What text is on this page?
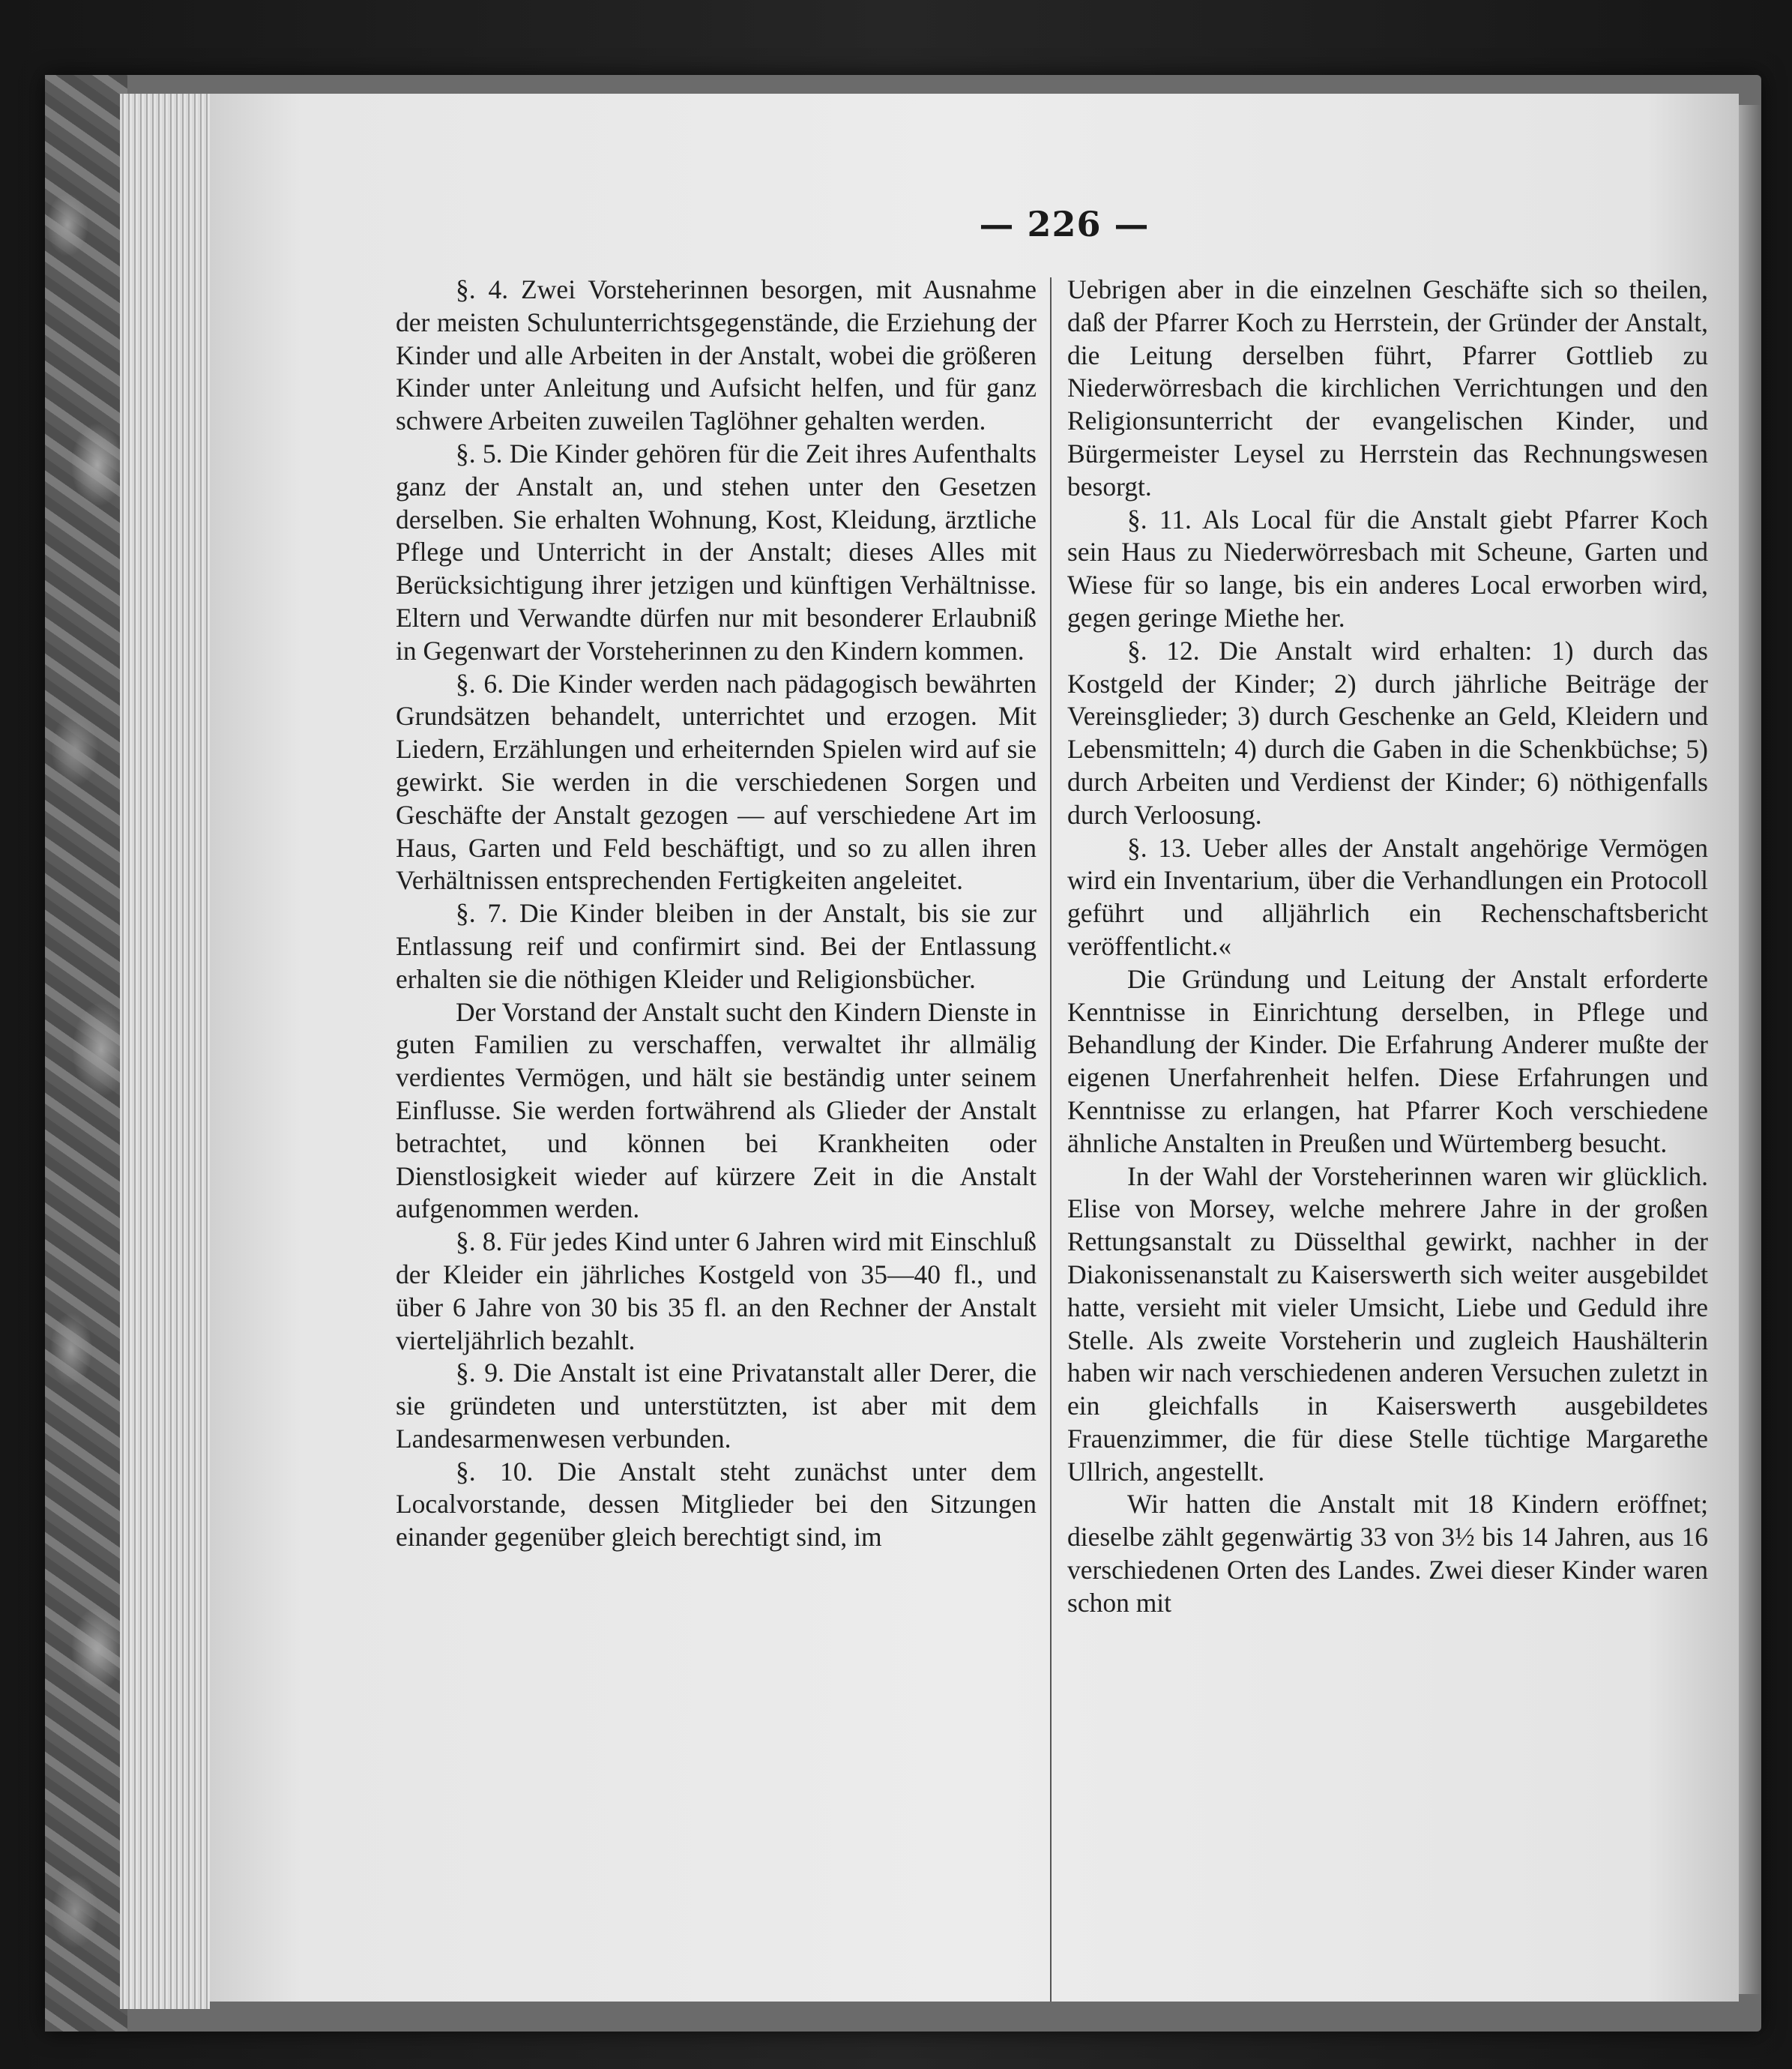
— 226 —

§. 4. Zwei Vorsteherinnen besorgen, mit Ausnahme der meisten Schulunterrichtsgegenstände, die Erziehung der Kinder und alle Arbeiten in der Anstalt, wobei die größeren Kinder unter Anleitung und Aufsicht helfen, und für ganz schwere Arbeiten zuweilen Taglöhner gehalten werden.

§. 5. Die Kinder gehören für die Zeit ihres Aufenthalts ganz der Anstalt an, und stehen unter den Gesetzen derselben. Sie erhalten Wohnung, Kost, Kleidung, ärztliche Pflege und Unterricht in der Anstalt; dieses Alles mit Berücksichtigung ihrer jetzigen und künftigen Verhältnisse. Eltern und Verwandte dürfen nur mit besonderer Erlaubniß in Gegenwart der Vorsteherinnen zu den Kindern kommen.

§. 6. Die Kinder werden nach pädagogisch bewährten Grundsätzen behandelt, unterrichtet und erzogen. Mit Liedern, Erzählungen und erheiternden Spielen wird auf sie gewirkt. Sie werden in die verschiedenen Sorgen und Geschäfte der Anstalt gezogen — auf verschiedene Art im Haus, Garten und Feld beschäftigt, und so zu allen ihren Verhältnissen entsprechenden Fertigkeiten angeleitet.

§. 7. Die Kinder bleiben in der Anstalt, bis sie zur Entlassung reif und confirmirt sind. Bei der Entlassung erhalten sie die nöthigen Kleider und Religionsbücher.

Der Vorstand der Anstalt sucht den Kindern Dienste in guten Familien zu verschaffen, verwaltet ihr allmälig verdientes Vermögen, und hält sie beständig unter seinem Einflusse. Sie werden fortwährend als Glieder der Anstalt betrachtet, und können bei Krankheiten oder Dienstlosigkeit wieder auf kürzere Zeit in die Anstalt aufgenommen werden.

§. 8. Für jedes Kind unter 6 Jahren wird mit Einschluß der Kleider ein jährliches Kostgeld von 35—40 fl., und über 6 Jahre von 30 bis 35 fl. an den Rechner der Anstalt vierteljährlich bezahlt.

§. 9. Die Anstalt ist eine Privatanstalt aller Derer, die sie gründeten und unterstützten, ist aber mit dem Landesarmenwesen verbunden.

§. 10. Die Anstalt steht zunächst unter dem Localvorstande, dessen Mitglieder bei den Sitzungen einander gegenüber gleich berechtigt sind, im

Uebrigen aber in die einzelnen Geschäfte sich so theilen, daß der Pfarrer Koch zu Herrstein, der Gründer der Anstalt, die Leitung derselben führt, Pfarrer Gottlieb zu Niederwörresbach die kirchlichen Verrichtungen und den Religionsunterricht der evangelischen Kinder, und Bürgermeister Leysel zu Herrstein das Rechnungswesen besorgt.

§. 11. Als Local für die Anstalt giebt Pfarrer Koch sein Haus zu Niederwörresbach mit Scheune, Garten und Wiese für so lange, bis ein anderes Local erworben wird, gegen geringe Miethe her.

§. 12. Die Anstalt wird erhalten: 1) durch das Kostgeld der Kinder; 2) durch jährliche Beiträge der Vereinsglieder; 3) durch Geschenke an Geld, Kleidern und Lebensmitteln; 4) durch die Gaben in die Schenkbüchse; 5) durch Arbeiten und Verdienst der Kinder; 6) nöthigenfalls durch Verloosung.

§. 13. Ueber alles der Anstalt angehörige Vermögen wird ein Inventarium, über die Verhandlungen ein Protocoll geführt und alljährlich ein Rechenschaftsbericht veröffentlicht.«

Die Gründung und Leitung der Anstalt erforderte Kenntnisse in Einrichtung derselben, in Pflege und Behandlung der Kinder. Die Erfahrung Anderer mußte der eigenen Unerfahrenheit helfen. Diese Erfahrungen und Kenntnisse zu erlangen, hat Pfarrer Koch verschiedene ähnliche Anstalten in Preußen und Würtemberg besucht.

In der Wahl der Vorsteherinnen waren wir glücklich. Elise von Morsey, welche mehrere Jahre in der großen Rettungsanstalt zu Düsselthal gewirkt, nachher in der Diakonissenanstalt zu Kaiserswerth sich weiter ausgebildet hatte, versieht mit vieler Umsicht, Liebe und Geduld ihre Stelle. Als zweite Vorsteherin und zugleich Haushälterin haben wir nach verschiedenen anderen Versuchen zuletzt in ein gleichfalls in Kaiserswerth ausgebildetes Frauenzimmer, die für diese Stelle tüchtige Margarethe Ullrich, angestellt.

Wir hatten die Anstalt mit 18 Kindern eröffnet; dieselbe zählt gegenwärtig 33 von 3½ bis 14 Jahren, aus 16 verschiedenen Orten des Landes. Zwei dieser Kinder waren schon mit
